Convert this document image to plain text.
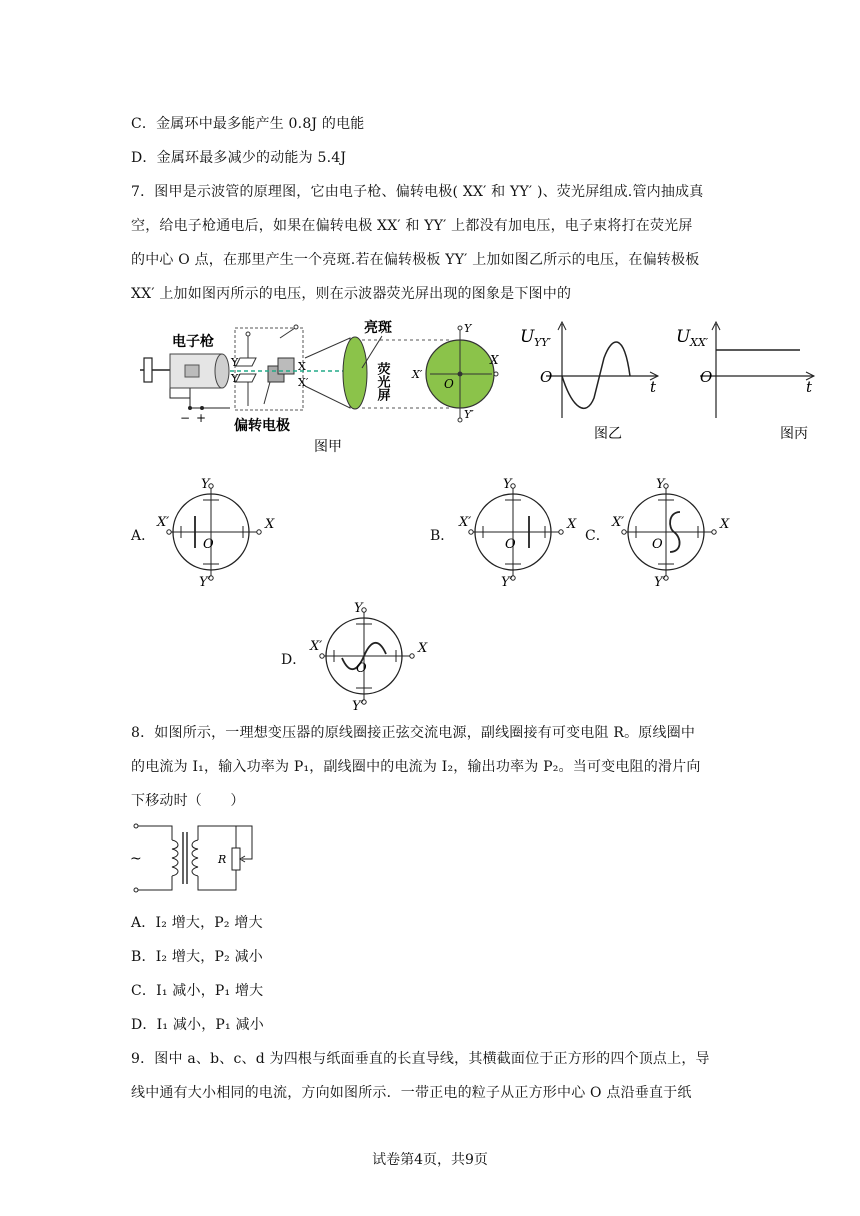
C．金属环中最多能产生 0.8J 的电能
D．金属环最多减少的动能为 5.4J
7．图甲是示波管的原理图，它由电子枪、偏转电极( XX′ 和 YY′ )、荧光屏组成.管内抽成真
空，给电子枪通电后，如果在偏转电极 XX′ 和 YY′ 上都没有加电压，电子束将打在荧光屏
的中心 O 点，在那里产生一个亮斑.若在偏转极板 YY′ 上加如图乙所示的电压，在偏转极板
XX′ 上加如图丙所示的电压，则在示波器荧光屏出现的图象是下图中的
− +
Y
Y′
X
X′
Y
Y′
X
X′
O
电子枪
亮斑
荧光屏
偏转电极
图甲
U YY′
O
t
图乙
U XX′
O
t
图丙
A．
Y
Y′
X
X′
O
B．
Y
Y′
X
X′
O
C．
Y
Y′
X
X′
O
D．
Y
Y′
X
X′
O
8．如图所示，一理想变压器的原线圈接正弦交流电源，副线圈接有可变电阻 R。原线圈中
的电流为 I₁，输入功率为 P₁，副线圈中的电流为 I₂，输出功率为 P₂。当可变电阻的滑片向
下移动时（　　）
~	R
A．I₂ 增大，P₂ 增大
B．I₂ 增大，P₂ 减小
C．I₁ 减小，P₁ 增大
D．I₁ 减小，P₁ 减小
9．图中 a、b、c、d 为四根与纸面垂直的长直导线，其横截面位于正方形的四个顶点上，导
线中通有大小相同的电流，方向如图所示．一带正电的粒子从正方形中心 O 点沿垂直于纸
试卷第4页，共9页
